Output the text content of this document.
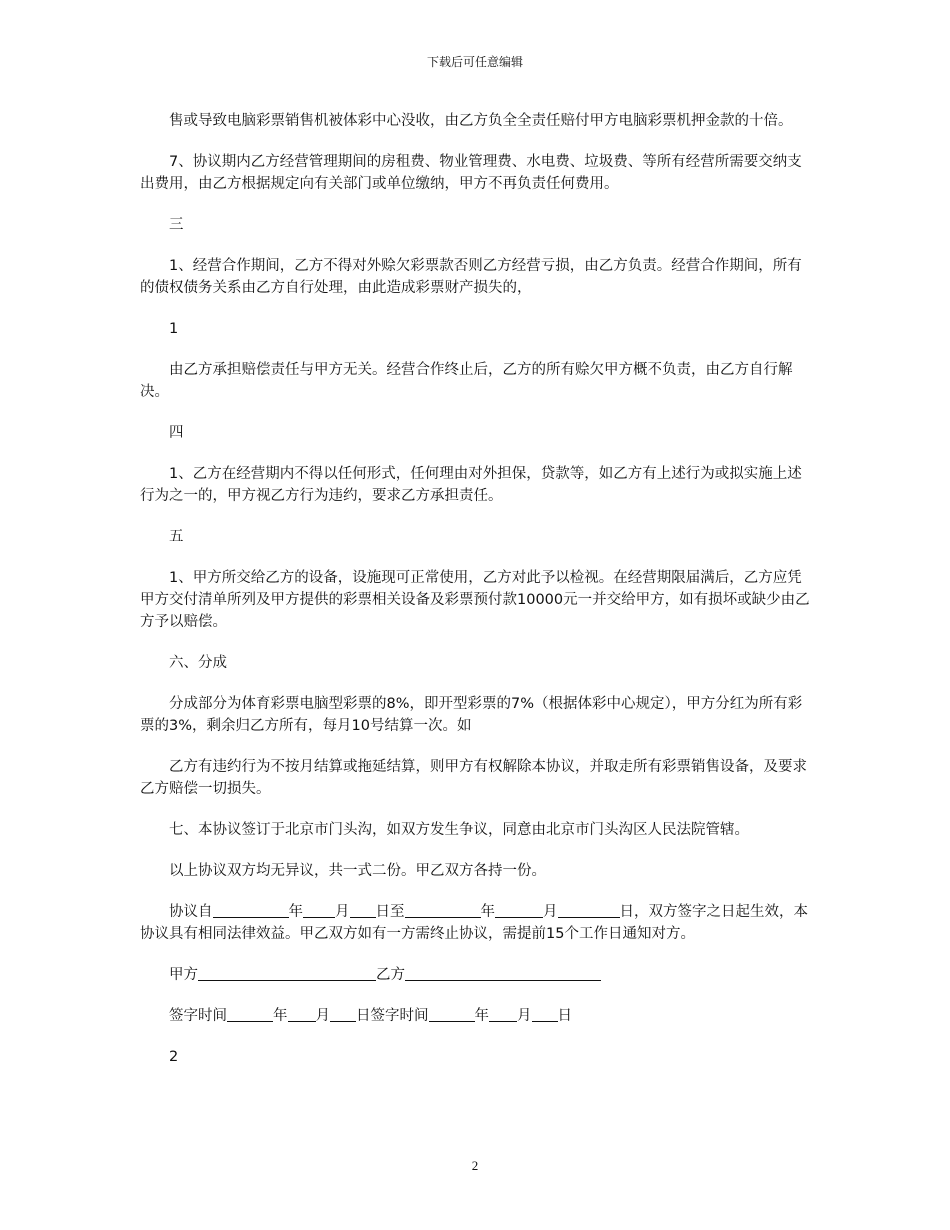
下载后可任意编辑

售或导致电脑彩票销售机被体彩中心没收，由乙方负全全责任赔付甲方电脑彩票机押金款的十倍。

7、协议期内乙方经营管理期间的房租费、物业管理费、水电费、垃圾费、等所有经营所需要交纳支出费用，由乙方根据规定向有关部门或单位缴纳，甲方不再负责任何费用。

三

1、经营合作期间，乙方不得对外赊欠彩票款否则乙方经营亏损，由乙方负责。经营合作期间，所有的债权债务关系由乙方自行处理，由此造成彩票财产损失的，

1

由乙方承担赔偿责任与甲方无关。经营合作终止后，乙方的所有赊欠甲方概不负责，由乙方自行解决。

四

1、乙方在经营期内不得以任何形式，任何理由对外担保，贷款等，如乙方有上述行为或拟实施上述行为之一的，甲方视乙方行为违约，要求乙方承担责任。

五

1、甲方所交给乙方的设备，设施现可正常使用，乙方对此予以检视。在经营期限届满后，乙方应凭甲方交付清单所列及甲方提供的彩票相关设备及彩票预付款10000元一并交给甲方，如有损坏或缺少由乙方予以赔偿。

六、分成

分成部分为体育彩票电脑型彩票的8%，即开型彩票的7%（根据体彩中心规定），甲方分红为所有彩票的3%，剩余归乙方所有，每月10号结算一次。如

乙方有违约行为不按月结算或拖延结算，则甲方有权解除本协议，并取走所有彩票销售设备，及要求乙方赔偿一切损失。

七、本协议签订于北京市门头沟，如双方发生争议，同意由北京市门头沟区人民法院管辖。

以上协议双方均无异议，共一式二份。甲乙双方各持一份。

协议自	年 月 日至	年	月	日，双方签字之日起生效，本协议具有相同法律效益。甲乙双方如有一方需终止协议，需提前15个工作日通知对方。

甲方	乙方

签字时间	年 月 日签字时间	年 月 日

2

2
